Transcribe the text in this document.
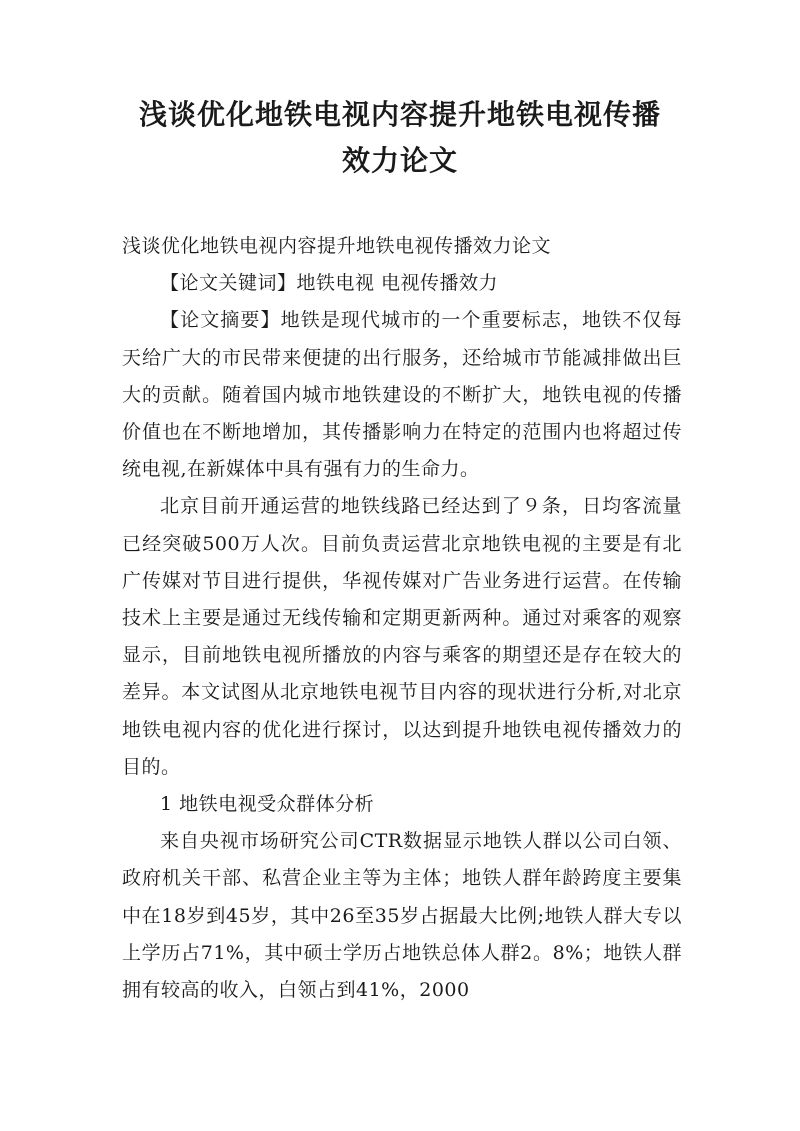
浅谈优化地铁电视内容提升地铁电视传播
效力论文

浅谈优化地铁电视内容提升地铁电视传播效力论文

【论文关键词】地铁电视 电视传播效力

【论文摘要】地铁是现代城市的一个重要标志，地铁不仅每天给广大的市民带来便捷的出行服务，还给城市节能减排做出巨大的贡献。随着国内城市地铁建设的不断扩大，地铁电视的传播价值也在不断地增加，其传播影响力在特定的范围内也将超过传统电视,在新媒体中具有强有力的生命力。

北京目前开通运营的地铁线路已经达到了９条，日均客流量已经突破500万人次。目前负责运营北京地铁电视的主要是有北广传媒对节目进行提供，华视传媒对广告业务进行运营。在传输技术上主要是通过无线传输和定期更新两种。通过对乘客的观察显示，目前地铁电视所播放的内容与乘客的期望还是存在较大的差异。本文试图从北京地铁电视节目内容的现状进行分析,对北京地铁电视内容的优化进行探讨，以达到提升地铁电视传播效力的目的。

1 地铁电视受众群体分析

来自央视市场研究公司CTR数据显示地铁人群以公司白领、政府机关干部、私营企业主等为主体；地铁人群年龄跨度主要集中在18岁到45岁，其中26至35岁占据最大比例;地铁人群大专以上学历占71%，其中硕士学历占地铁总体人群2。8%；地铁人群拥有较高的收入，白领占到41%，2000
